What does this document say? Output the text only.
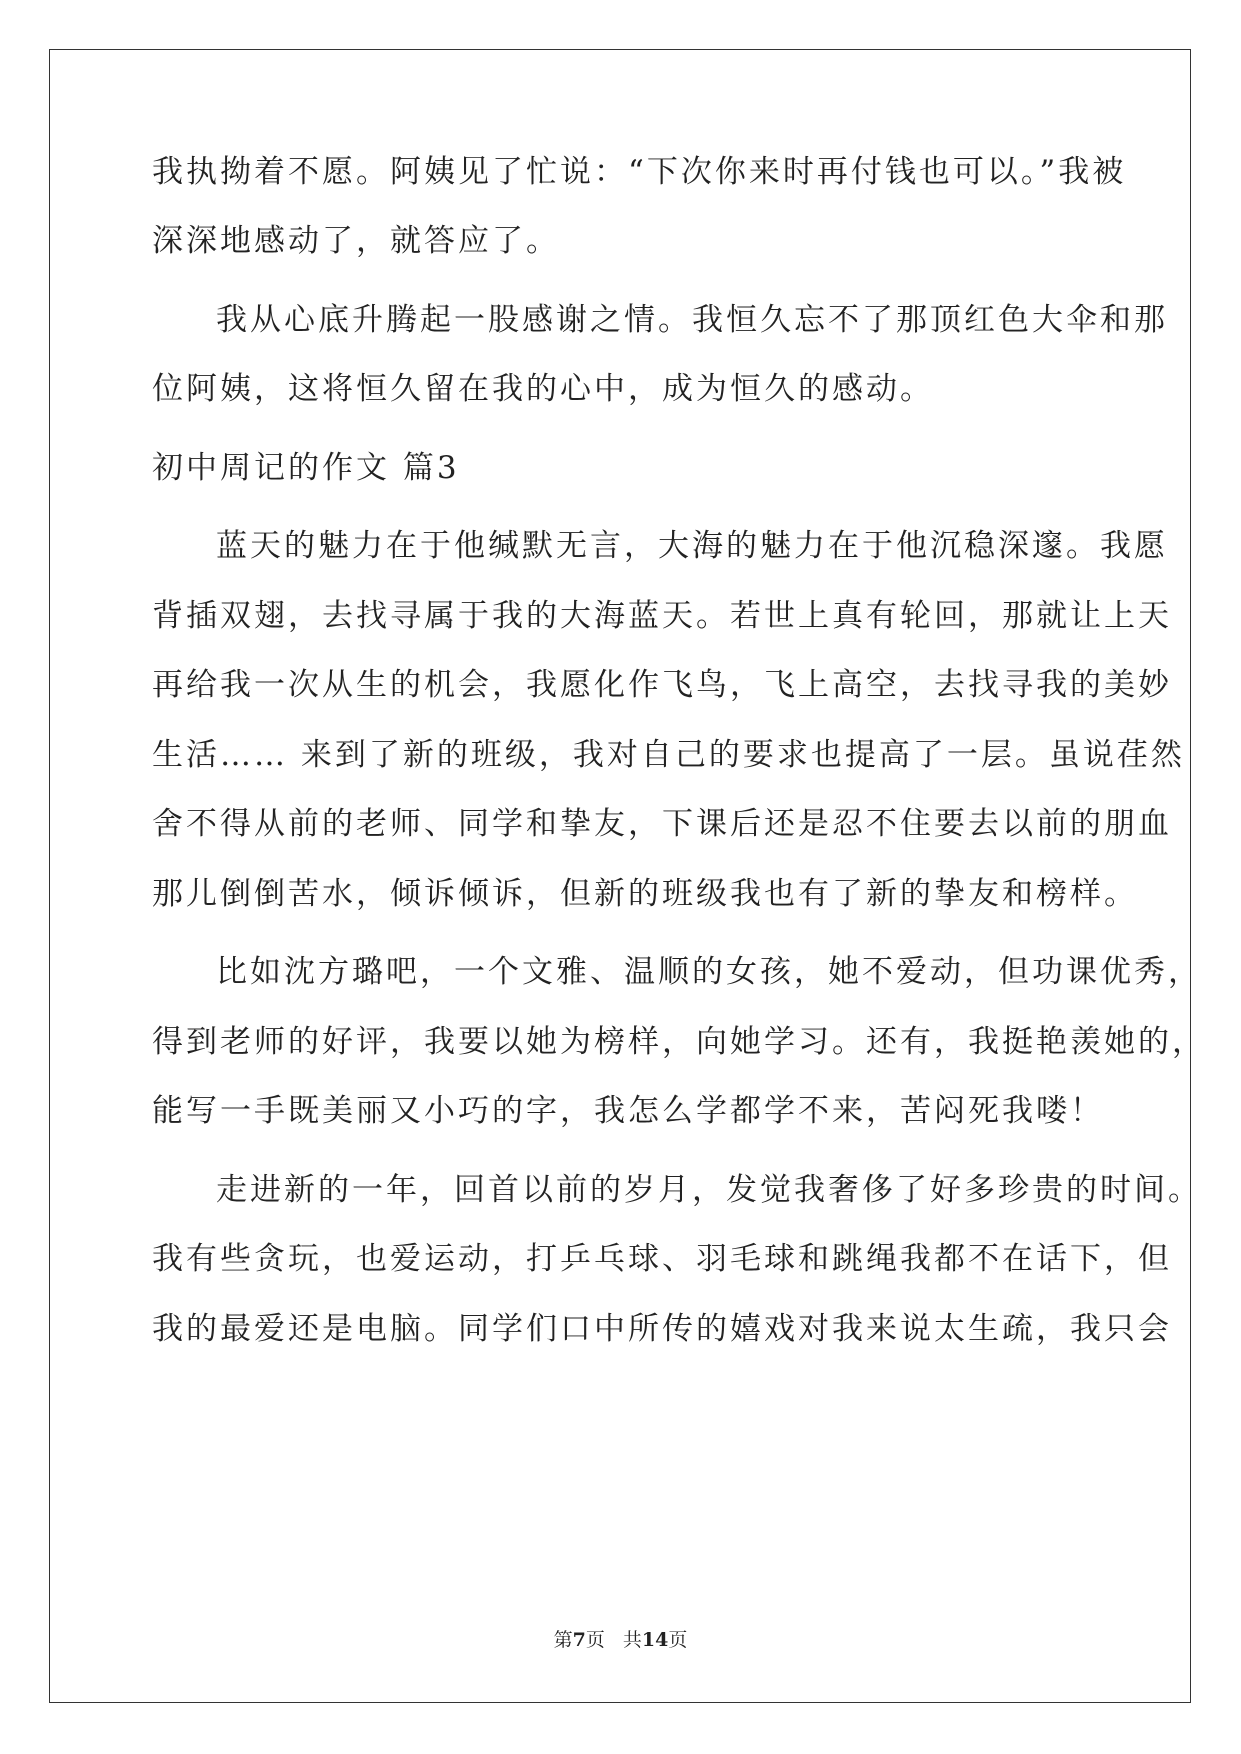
我执拗着不愿。阿姨见了忙说：“下次你来时再付钱也可以。”我被
深深地感动了，就答应了。
我从心底升腾起一股感谢之情。我恒久忘不了那顶红色大伞和那
位阿姨，这将恒久留在我的心中，成为恒久的感动。
初中周记的作文 篇3
蓝天的魅力在于他缄默无言，大海的魅力在于他沉稳深邃。我愿
背插双翅，去找寻属于我的大海蓝天。若世上真有轮回，那就让上天
再给我一次从生的机会，我愿化作飞鸟，飞上高空，去找寻我的美妙
生活…… 来到了新的班级，我对自己的要求也提高了一层。虽说荏然
舍不得从前的老师、同学和挚友，下课后还是忍不住要去以前的朋血
那儿倒倒苦水，倾诉倾诉，但新的班级我也有了新的挚友和榜样。
比如沈方璐吧，一个文雅、温顺的女孩，她不爱动，但功课优秀，
得到老师的好评，我要以她为榜样，向她学习。还有，我挺艳羡她的，
能写一手既美丽又小巧的字，我怎么学都学不来，苦闷死我喽！
走进新的一年，回首以前的岁月，发觉我奢侈了好多珍贵的时间。
我有些贪玩，也爱运动，打乒乓球、羽毛球和跳绳我都不在话下，但
我的最爱还是电脑。同学们口中所传的嬉戏对我来说太生疏，我只会
第7页 共14页
